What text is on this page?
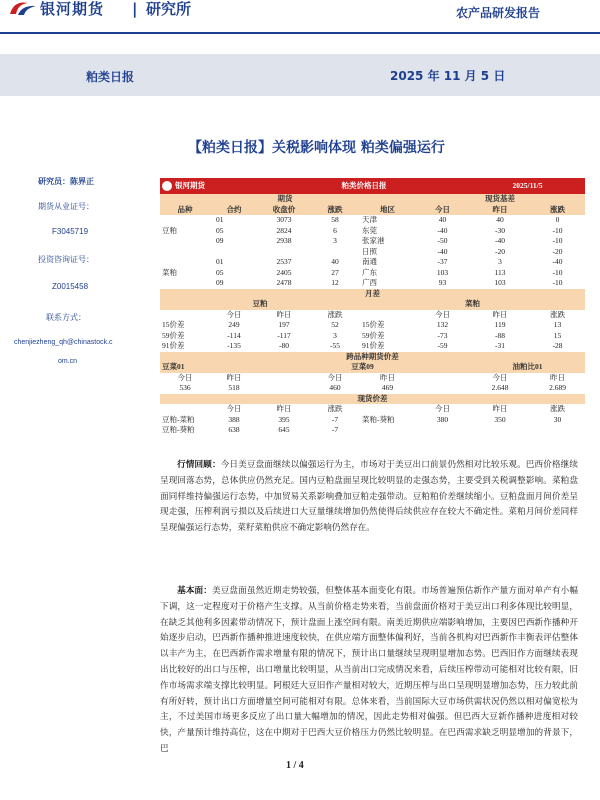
银河期货 | 研究所	农产品研发报告
粕类日报	2025 年 11 月 5 日
【粕类日报】关税影响体现 粕类偏强运行
研究员：陈界正
期货从业证号：
F3045719
投资咨询证号：
Z0015458
联系方式：
chenjiezheng_qh@chinastock.c
om.cn
银河期货		粕类价格日报				2025/11/5	
	期货				现货基差		
品种	合约	收盘价	涨跌	地区	今日	昨日	涨跌
	01	3073	58	天津	40	40	0
豆粕	05	2824	6	东莞	-40	-30	-10
	09	2938	3	张家港	-50	-40	-10
				日照	-40	-20	-20
	01	2537	40	南通	-37	3	-40
菜粕	05	2405	27	广东	103	113	-10
	09	2478	12	广西	93	103	-10
月差							
豆粕				菜粕			
	今日	昨日	涨跌		今日	昨日	涨跌
15价差	249	197	52	15价差	132	119	13
59价差	-114	-117	3	59价差	-73	-88	15
91价差	-135	-80	-55	91价差	-59	-31	-28
跨品种期货价差							
豆菜01			豆菜09			油粕比01	
今日	昨日		今日	昨日		今日	昨日
536	518		460	469		2.648	2.689
现货价差							
	今日	昨日	涨跌		今日	昨日	涨跌
豆粕-菜粕	388	395	-7	菜粕-葵粕	380	350	30
豆粕-葵粕	638	645	-7				
行情回顾：今日美豆盘面继续以偏强运行为主，市场对于美豆出口前景仍然相对比较乐观。巴西价格继续呈现回落态势，总体供应仍然充足。国内豆粕盘面呈现比较明显的走强态势，主要受到关税调整影响。菜粕盘面同样维持偏强运行态势，中加贸易关系影响叠加豆粕走强带动。豆粕粕价差继续缩小。豆粕盘面月间价差呈现走强，压榨利润亏损以及后续进口大豆量继续增加仍然使得后续供应存在较大不确定性。菜粕月间价差同样呈现偏强运行态势，菜籽菜粕供应不确定影响仍然存在。
基本面：美豆盘面虽然近期走势较强，但整体基本面变化有限。市场普遍预估新作产量方面对单产有小幅下调，这一定程度对于价格产生支撑。从当前价格走势来看，当前盘面价格对于美豆出口利多体现比较明显，在缺乏其他利多因素带动情况下，预计盘面上涨空间有限。南美近期供应端影响增加，主要因巴西新作播种开始逐步启动，巴西新作播种推进速度较快，在供应端方面整体偏利好，当前各机构对巴西新作丰衡表评估整体以丰产为主，在巴西新作需求增量有限的情况下，预计出口量继续呈现明显增加态势。巴西旧作方面继续表现出比较好的出口与压榨，出口增量比较明显，从当前出口完成情况来看，后续压榨带动可能相对比较有限，旧作市场需求端支撑比较明显。阿根廷大豆旧作产量相对较大，近期压榨与出口呈现明显增加态势，压力较此前有所好转，预计出口方面增量空间可能相对有限。总体来看，当前国际大豆市场供需状况仍然以相对偏宽松为主，不过美国市场更多反应了出口量大幅增加的情况，因此走势相对偏强。但巴西大豆新作播种进度相对较快，产量预计维持高位，这在中期对于巴西大豆价格压力仍然比较明显。在巴西需求缺乏明显增加的背景下，巴
1 / 4
